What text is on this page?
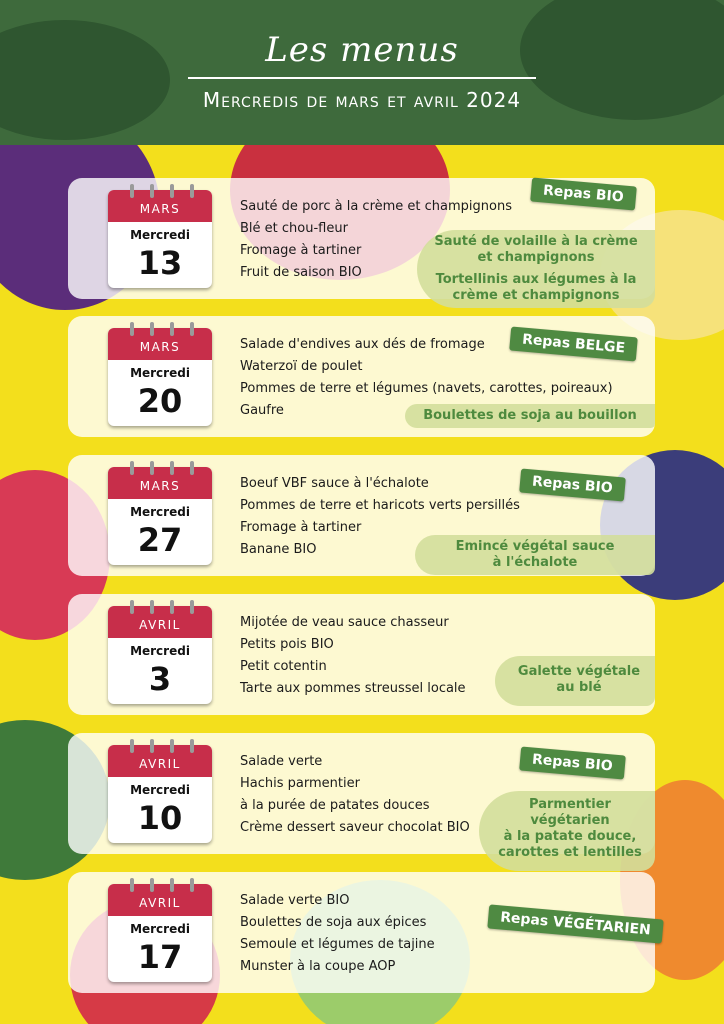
Les menus
Mercredis de mars et avril 2024
MARS
Mercredi
13
Sauté de porc à la crème et champignons
Blé et chou-fleur
Fromage à tartiner
Fruit de saison BIO
Repas BIO
Sauté de volaille à la crème
et champignons
Tortellinis aux légumes à la
crème et champignons
MARS
Mercredi
20
Salade d'endives aux dés de fromage
Waterzoï de poulet
Pommes de terre et légumes (navets, carottes, poireaux)
Gaufre
Repas BELGE
Boulettes de soja au bouillon
MARS
Mercredi
27
Boeuf VBF sauce à l'échalote
Pommes de terre et haricots verts persillés
Fromage à tartiner
Banane BIO
Repas BIO
Emincé végétal sauce
à l'échalote
AVRIL
Mercredi
3
Mijotée de veau sauce chasseur
Petits pois BIO
Petit cotentin
Tarte aux pommes streussel locale
Galette végétale
au blé
AVRIL
Mercredi
10
Salade verte
Hachis parmentier
à la purée de patates douces
Crème dessert saveur chocolat BIO
Repas BIO
Parmentier végétarien
à la patate douce,
carottes et lentilles
AVRIL
Mercredi
17
Salade verte BIO
Boulettes de soja aux épices
Semoule et légumes de tajine
Munster à la coupe AOP
Repas VÉGÉTARIEN
